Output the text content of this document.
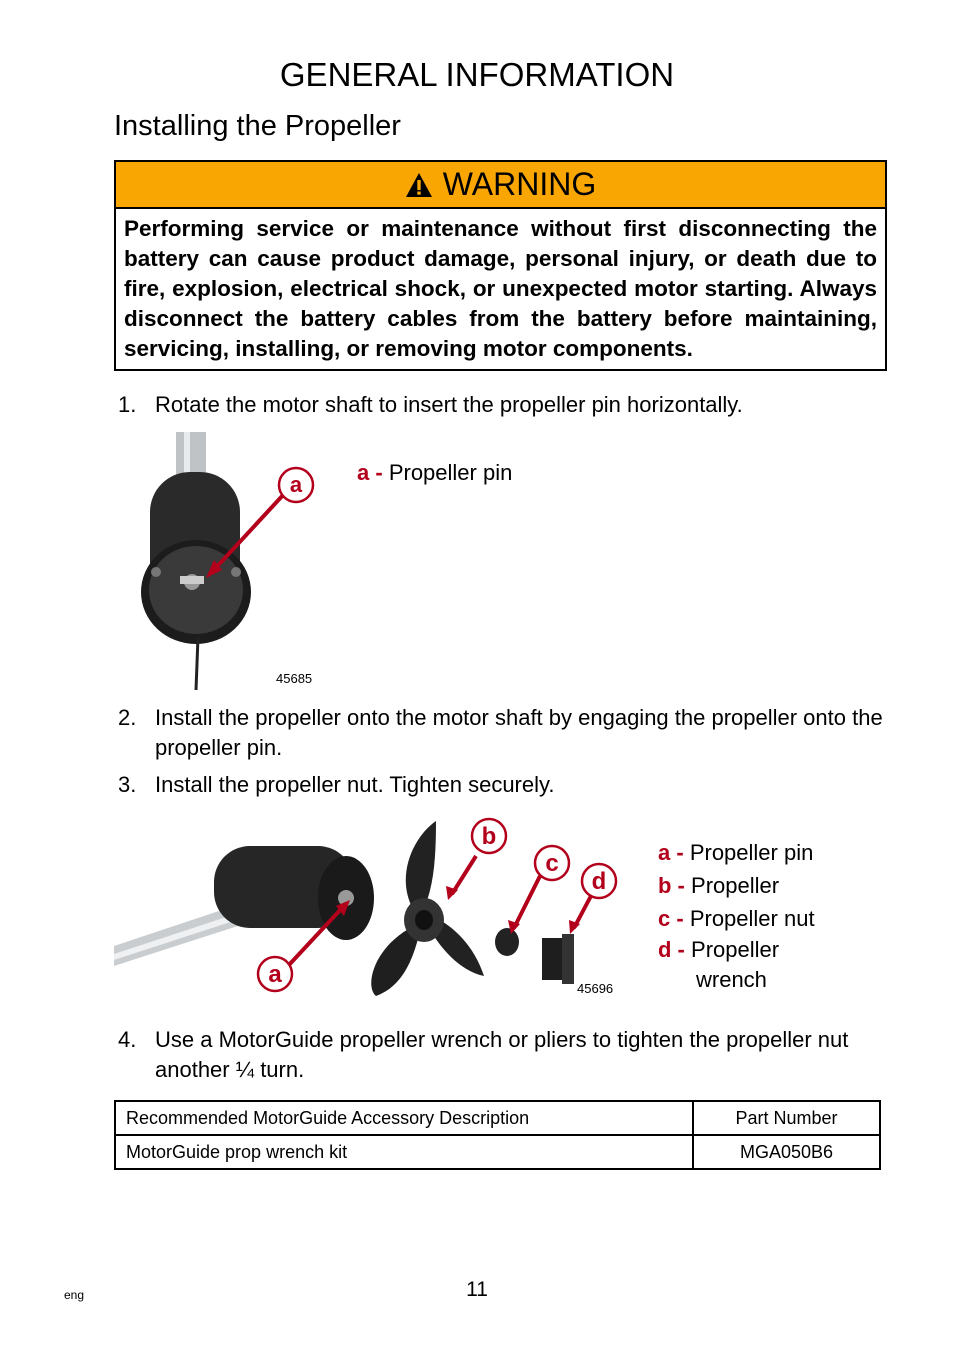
GENERAL INFORMATION
Installing the Propeller
WARNING
Performing service or maintenance without first disconnecting the battery can cause product damage, personal injury, or death due to fire, explosion, electrical shock, or unexpected motor starting. Always disconnect the battery cables from the battery before maintaining, servicing, installing, or removing motor components.
1. Rotate the motor shaft to insert the propeller pin horizontally.
a
45685
a - Propeller pin
2. Install the propeller onto the motor shaft by engaging the propeller onto the propeller pin.
3. Install the propeller nut. Tighten securely.
b
c
d
a
45696
a - Propeller pin
b - Propeller
c - Propeller nut
d - Propeller
wrench
4. Use a MotorGuide propeller wrench or pliers to tighten the propeller nut another ¼ turn.
Recommended MotorGuide Accessory Description	Part Number
MotorGuide prop wrench kit	MGA050B6
11
eng
